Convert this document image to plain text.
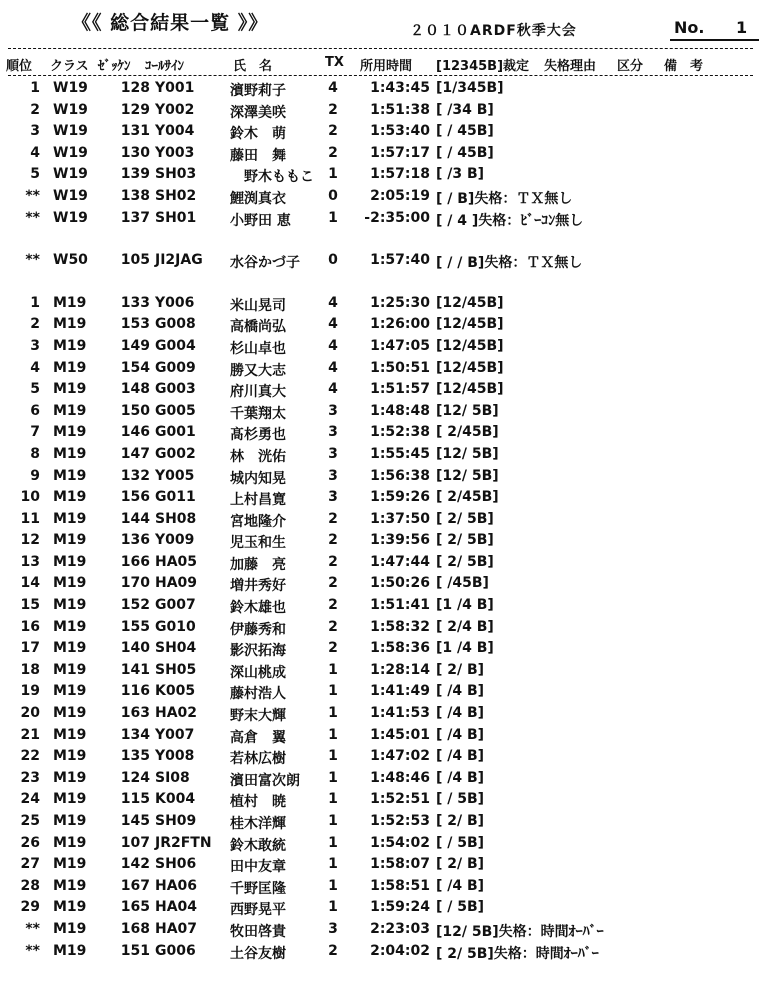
《《 総合結果一覧 》》	２０１０ARDF秋季大会	No. 1
順位 クラス ｾﾞｯｹﾝ ｺｰﾙｻｲﾝ	氏　名	TX 所用時間 [12345B]裁定 失格理由 区分 備　考
1 W19	128 Y001	濱野莉子	4	1:43:45 [1/345B]
2 W19	129 Y002	深澤美咲	2	1:51:38 [ /34 B]
3 W19	131 Y004	鈴木　萌	2	1:53:40 [ / 45B]
4 W19	130 Y003	藤田　舞	2	1:57:17 [ / 45B]
5 W19	139 SH03 　野木ももこ 1	1:57:18 [ /3 B]
** W19	138 SH02 鯉渕真衣	0	2:05:19 [ / B]失格：ＴＸ無し
** W19	137 SH01 小野田 恵	1	-2:35:00 [ / 4 ]失格：ﾋﾞｰｺﾝ無し
** W50	105 JI2JAG 水谷かづ子 0	1:57:40 [ / / B]失格：ＴＸ無し
1 M19	133 Y006	米山晃司	4	1:25:30 [12/45B]
2 M19	153 G008 高橋尚弘	4	1:26:00 [12/45B]
3 M19	149 G004 杉山卓也	4	1:47:05 [12/45B]
4 M19	154 G009 勝又大志	4	1:50:51 [12/45B]
5 M19	148 G003 府川真大	4	1:51:57 [12/45B]
6 M19	150 G005 千葉翔太	3	1:48:48 [12/ 5B]
7 M19	146 G001 髙杉勇也	3	1:52:38 [ 2/45B]
8 M19	147 G002 林　洸佑	3	1:55:45 [12/ 5B]
9 M19	132 Y005	城内知晃	3	1:56:38 [12/ 5B]
10 M19	156 G011 上村昌寛	3	1:59:26 [ 2/45B]
11 M19	144 SH08 宮地隆介	2	1:37:50 [ 2/ 5B]
12 M19	136 Y009	児玉和生	2	1:39:56 [ 2/ 5B]
13 M19	166 HA05 加藤　亮	2	1:47:44 [ 2/ 5B]
14 M19	170 HA09 増井秀好	2	1:50:26 [ /45B]
15 M19	152 G007 鈴木雄也	2	1:51:41 [1 /4 B]
16 M19	155 G010 伊藤秀和	2	1:58:32 [ 2/4 B]
17 M19	140 SH04 影沢拓海	2	1:58:36 [1 /4 B]
18 M19	141 SH05 深山桃成	1	1:28:14 [ 2/ B]
19 M19	116 K005 藤村浩人	1	1:41:49 [ /4 B]
20 M19	163 HA02 野末大輝	1	1:41:53 [ /4 B]
21 M19	134 Y007	高倉　翼	1	1:45:01 [ /4 B]
22 M19	135 Y008	若林広樹	1	1:47:02 [ /4 B]
23 M19	124 SI08	濱田富次朗 1	1:48:46 [ /4 B]
24 M19	115 K004 植村　暁	1	1:52:51 [ / 5B]
25 M19	145 SH09 桂木洋輝	1	1:52:53 [ 2/ B]
26 M19	107 JR2FTN 鈴木敢統	1	1:54:02 [ / 5B]
27 M19	142 SH06 田中友章	1	1:58:07 [ 2/ B]
28 M19	167 HA06 千野匡隆	1	1:58:51 [ /4 B]
29 M19	165 HA04 西野晃平	1	1:59:24 [ / 5B]
** M19	168 HA07 牧田啓貴	3	2:23:03 [12/ 5B]失格：時間ｵｰﾊﾞｰ
** M19	151 G006 土谷友樹	2	2:04:02 [ 2/ 5B]失格：時間ｵｰﾊﾞｰ
